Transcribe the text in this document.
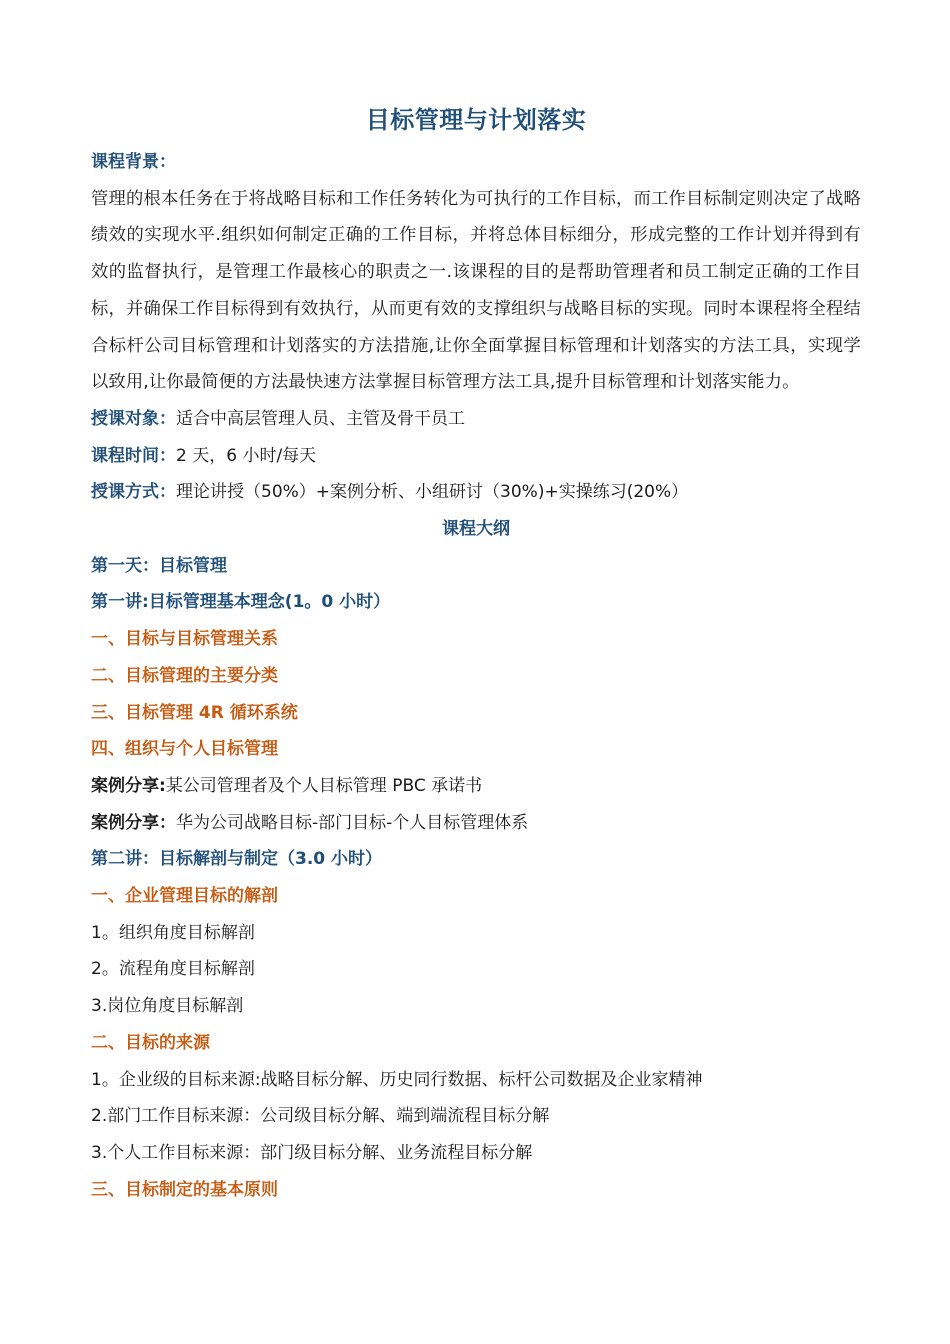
目标管理与计划落实

课程背景：

管理的根本任务在于将战略目标和工作任务转化为可执行的工作目标，而工作目标制定则决定了战略绩效的实现水平.组织如何制定正确的工作目标，并将总体目标细分，形成完整的工作计划并得到有效的监督执行，是管理工作最核心的职责之一.该课程的目的是帮助管理者和员工制定正确的工作目标，并确保工作目标得到有效执行，从而更有效的支撑组织与战略目标的实现。同时本课程将全程结合标杆公司目标管理和计划落实的方法措施,让你全面掌握目标管理和计划落实的方法工具，实现学以致用,让你最简便的方法最快速方法掌握目标管理方法工具,提升目标管理和计划落实能力。

授课对象：适合中高层管理人员、主管及骨干员工

课程时间：2 天，6 小时/每天

授课方式：理论讲授（50%）+案例分析、小组研讨（30%)+实操练习(20%）

课程大纲

第一天：目标管理

第一讲:目标管理基本理念(1。0 小时）

一、目标与目标管理关系

二、目标管理的主要分类

三、目标管理 4R 循环系统

四、组织与个人目标管理

案例分享:某公司管理者及个人目标管理 PBC 承诺书

案例分享：华为公司战略目标-部门目标-个人目标管理体系

第二讲：目标解剖与制定（3.0 小时）

一、企业管理目标的解剖

1。组织角度目标解剖

2。流程角度目标解剖

3.岗位角度目标解剖

二、目标的来源

1。企业级的目标来源:战略目标分解、历史同行数据、标杆公司数据及企业家精神

2.部门工作目标来源：公司级目标分解、端到端流程目标分解

3.个人工作目标来源：部门级目标分解、业务流程目标分解

三、目标制定的基本原则
